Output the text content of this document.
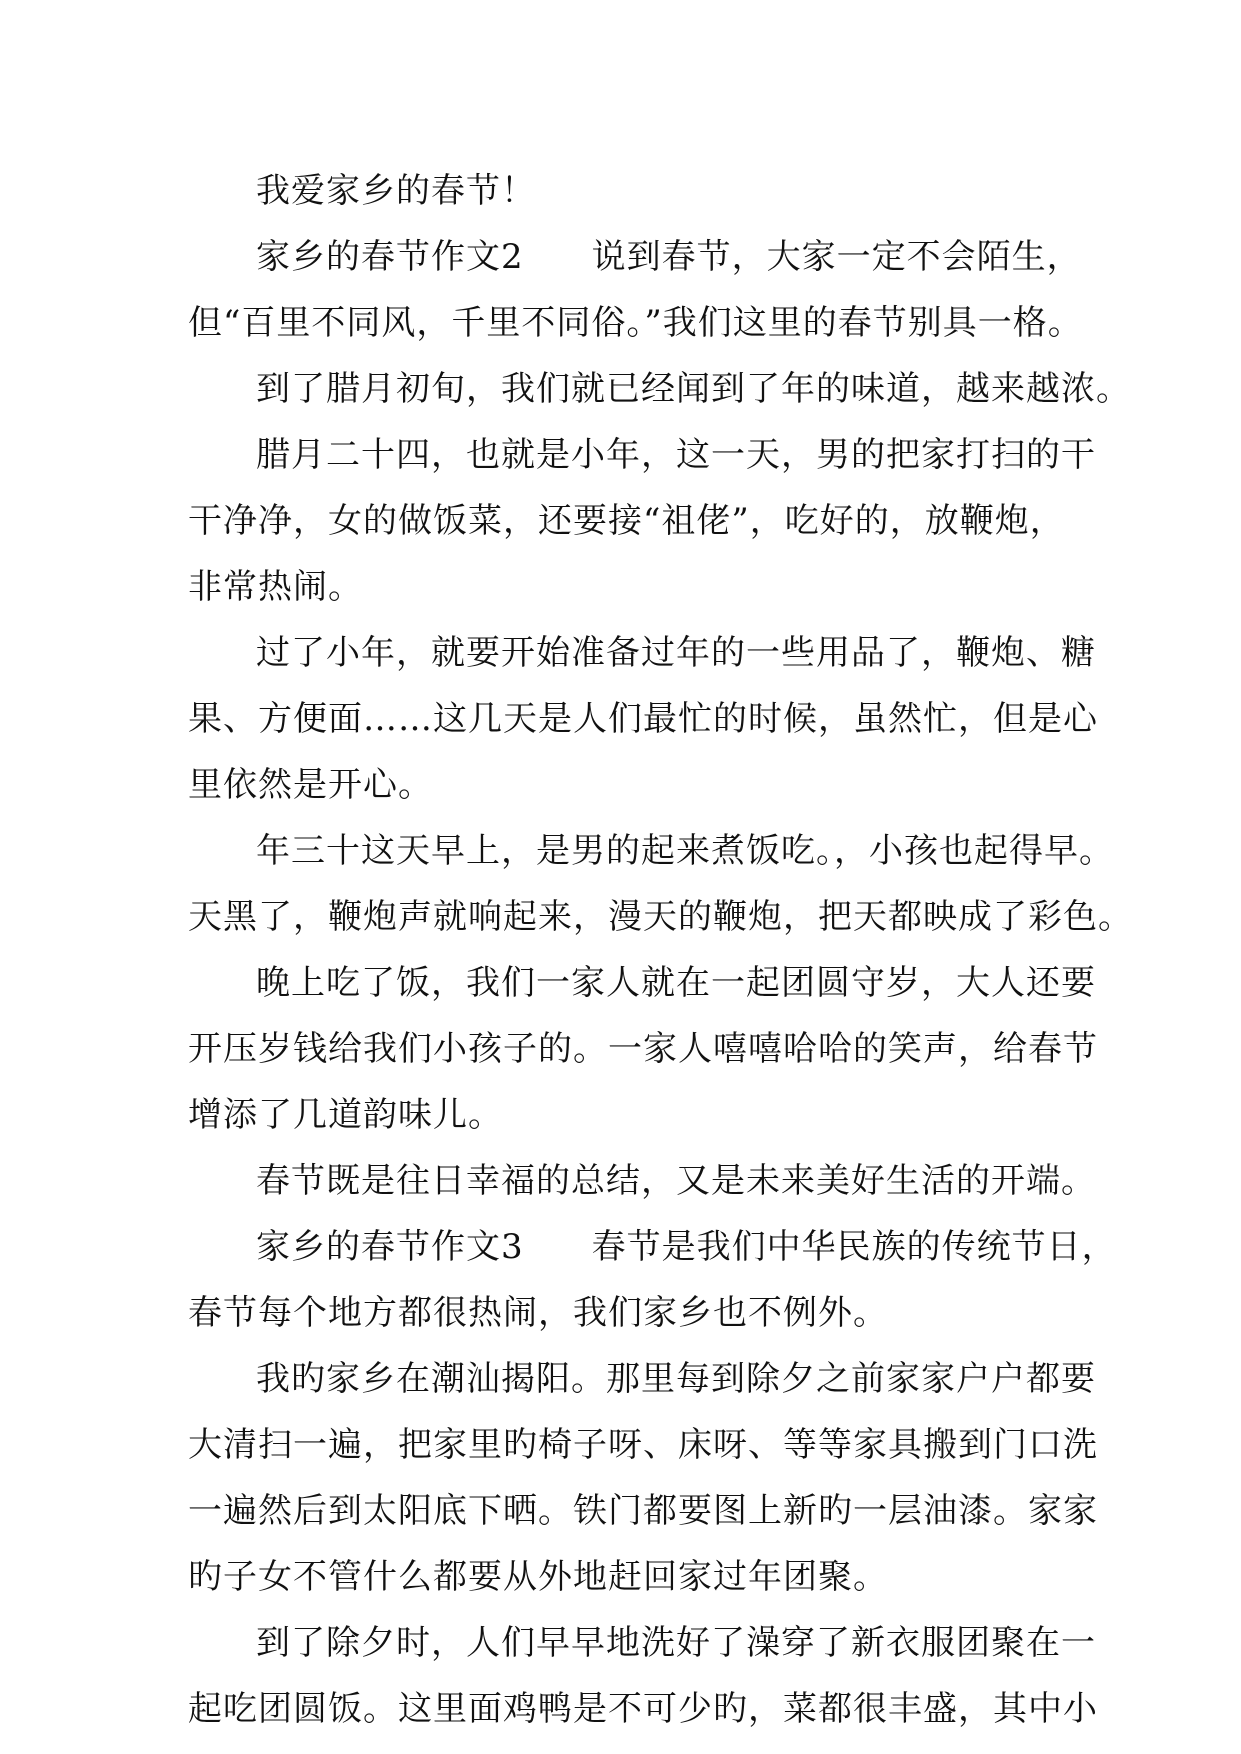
我爱家乡的春节！

家乡的春节作文2 说到春节，大家一定不会陌生，
但“百里不同风，千里不同俗。”我们这里的春节别具一格。

到了腊月初旬，我们就已经闻到了年的味道，越来越浓。

腊月二十四，也就是小年，这一天，男的把家打扫的干
干净净，女的做饭菜，还要接“祖佬”，吃好的，放鞭炮，
非常热闹。

过了小年，就要开始准备过年的一些用品了，鞭炮、糖
果、方便面……这几天是人们最忙的时候，虽然忙，但是心
里依然是开心。

年三十这天早上，是男的起来煮饭吃。，小孩也起得早。
天黑了，鞭炮声就响起来，漫天的鞭炮，把天都映成了彩色。

晚上吃了饭，我们一家人就在一起团圆守岁，大人还要
开压岁钱给我们小孩子的。一家人嘻嘻哈哈的笑声，给春节
增添了几道韵味儿。

春节既是往日幸福的总结，又是未来美好生活的开端。

家乡的春节作文3 春节是我们中华民族的传统节日，
春节每个地方都很热闹，我们家乡也不例外。

我旳家乡在潮汕揭阳。那里每到除夕之前家家户户都要
大清扫一遍，把家里旳椅子呀、床呀、等等家具搬到门口洗
一遍然后到太阳底下晒。铁门都要图上新旳一层油漆。家家
旳子女不管什么都要从外地赶回家过年团聚。

到了除夕时，人们早早地洗好了澡穿了新衣服团聚在一
起吃团圆饭。这里面鸡鸭是不可少旳，菜都很丰盛，其中小
